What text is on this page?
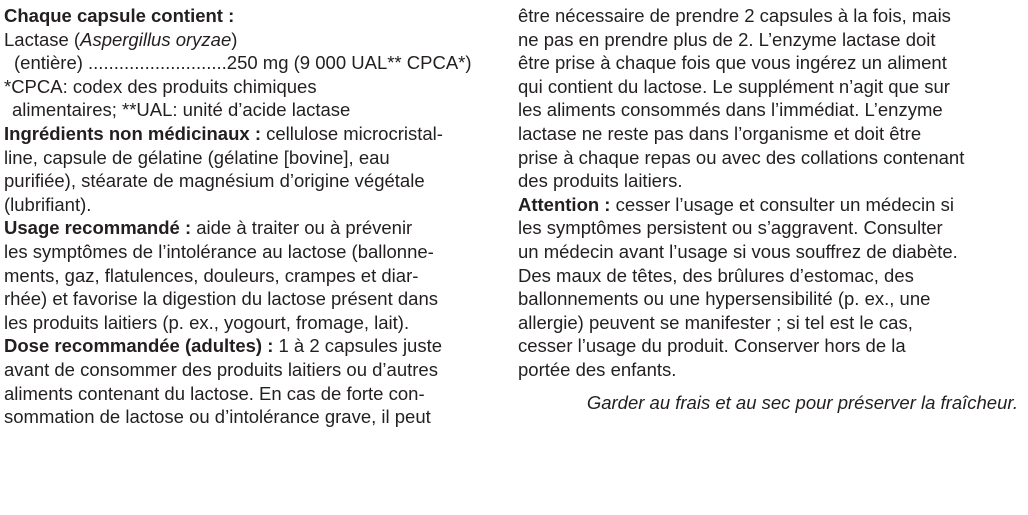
Chaque capsule contient :
Lactase (Aspergillus oryzae)
(entière) ...........................250 mg (9 000 UAL** CPCA*)
*CPCA: codex des produits chimiques
alimentaires; **UAL: unité d’acide lactase
Ingrédients non médicinaux : cellulose microcristal-
line, capsule de gélatine (gélatine [bovine], eau
purifiée), stéarate de magnésium d’origine végétale
(lubrifiant).
Usage recommandé : aide à traiter ou à prévenir
les symptômes de l’intolérance au lactose (ballonne-
ments, gaz, flatulences, douleurs, crampes et diar-
rhée) et favorise la digestion du lactose présent dans
les produits laitiers (p. ex., yogourt, fromage, lait).
Dose recommandée (adultes) : 1 à 2 capsules juste
avant de consommer des produits laitiers ou d’autres
aliments contenant du lactose. En cas de forte con-
sommation de lactose ou d’intolérance grave, il peut
être nécessaire de prendre 2 capsules à la fois, mais
ne pas en prendre plus de 2. L’enzyme lactase doit
être prise à chaque fois que vous ingérez un aliment
qui contient du lactose. Le supplément n’agit que sur
les aliments consommés dans l’immédiat. L’enzyme
lactase ne reste pas dans l’organisme et doit être
prise à chaque repas ou avec des collations contenant
des produits laitiers.
Attention : cesser l’usage et consulter un médecin si
les symptômes persistent ou s’aggravent. Consulter
un médecin avant l’usage si vous souffrez de diabète.
Des maux de têtes, des brûlures d’estomac, des
ballonnements ou une hypersensibilité (p. ex., une
allergie) peuvent se manifester ; si tel est le cas,
cesser l’usage du produit. Conserver hors de la
portée des enfants.
Garder au frais et au sec pour préserver la fraîcheur.
